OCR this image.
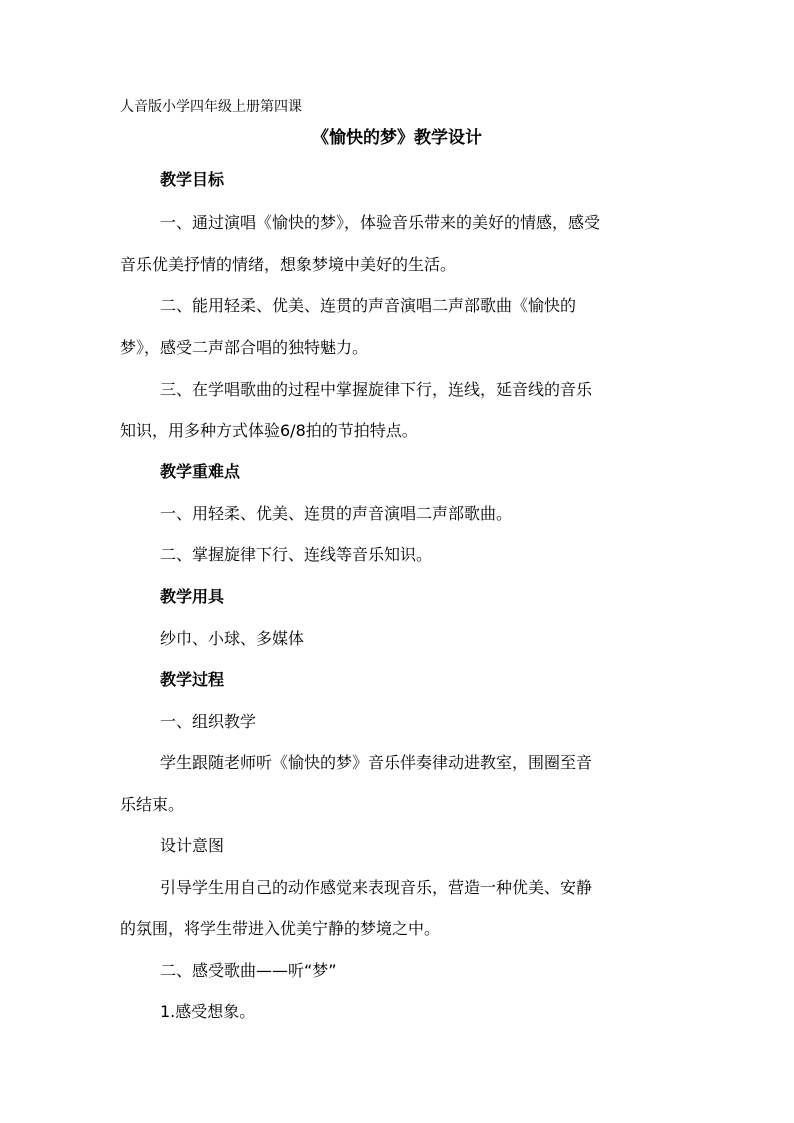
人音版小学四年级上册第四课
《愉快的梦》教学设计
教学目标
一、通过演唱《愉快的梦》，体验音乐带来的美好的情感，感受
音乐优美抒情的情绪，想象梦境中美好的生活。
二、能用轻柔、优美、连贯的声音演唱二声部歌曲《愉快的
梦》，感受二声部合唱的独特魅力。
三、在学唱歌曲的过程中掌握旋律下行，连线，延音线的音乐
知识，用多种方式体验6/8拍的节拍特点。
教学重难点
一、用轻柔、优美、连贯的声音演唱二声部歌曲。
二、掌握旋律下行、连线等音乐知识。
教学用具
纱巾、小球、多媒体
教学过程
一、组织教学
学生跟随老师听《愉快的梦》音乐伴奏律动进教室，围圈至音
乐结束。
设计意图
引导学生用自己的动作感觉来表现音乐，营造一种优美、安静
的氛围，将学生带进入优美宁静的梦境之中。
二、感受歌曲——听“梦”
1.感受想象。
